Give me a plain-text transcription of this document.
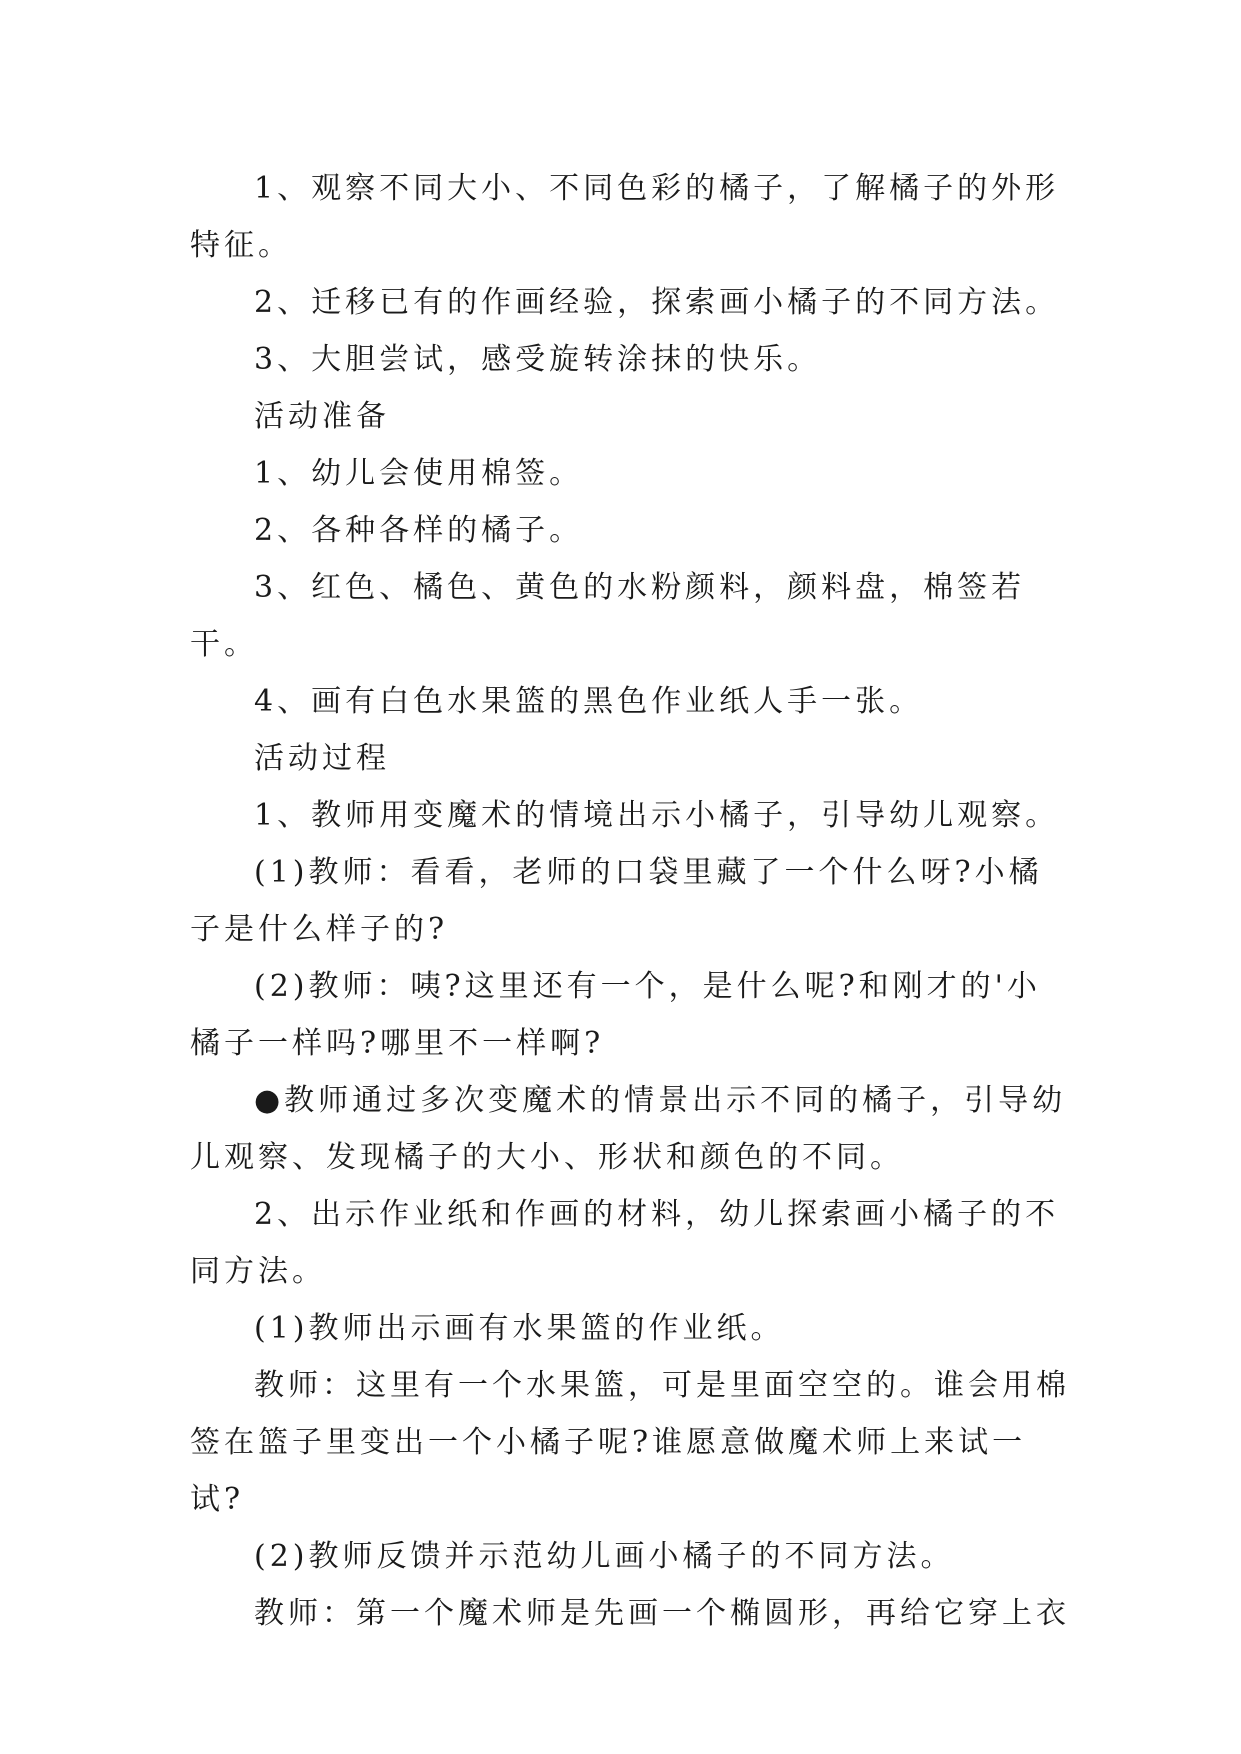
1、观察不同大小、不同色彩的橘子，了解橘子的外形特征。

2、迁移已有的作画经验，探索画小橘子的不同方法。

3、大胆尝试，感受旋转涂抹的快乐。

活动准备

1、幼儿会使用棉签。

2、各种各样的橘子。

3、红色、橘色、黄色的水粉颜料，颜料盘，棉签若干。

4、画有白色水果篮的黑色作业纸人手一张。

活动过程

1、教师用变魔术的情境出示小橘子，引导幼儿观察。

(1)教师：看看，老师的口袋里藏了一个什么呀?小橘子是什么样子的?

(2)教师：咦?这里还有一个，是什么呢?和刚才的'小橘子一样吗?哪里不一样啊?

●教师通过多次变魔术的情景出示不同的橘子，引导幼儿观察、发现橘子的大小、形状和颜色的不同。

2、出示作业纸和作画的材料，幼儿探索画小橘子的不同方法。

(1)教师出示画有水果篮的作业纸。

教师：这里有一个水果篮，可是里面空空的。谁会用棉签在篮子里变出一个小橘子呢?谁愿意做魔术师上来试一试?

(2)教师反馈并示范幼儿画小橘子的不同方法。

教师：第一个魔术师是先画一个椭圆形，再给它穿上衣
